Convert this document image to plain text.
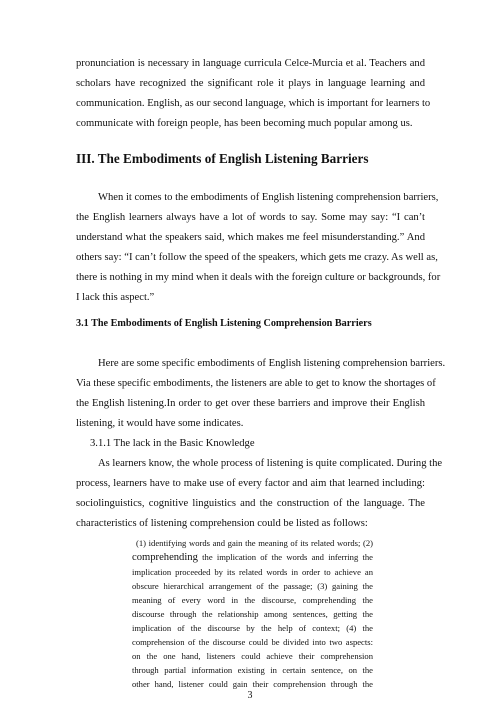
pronunciation is necessary in language curricula Celce-Murcia et al. Teachers and
scholars have recognized the significant role it plays in language learning and
communication. English, as our second language, which is important for learners to
communicate with foreign people, has been becoming much popular among us.
III. The Embodiments of English Listening Barriers
When it comes to the embodiments of English listening comprehension barriers,
the English learners always have a lot of words to say. Some may say: “I can’t
understand what the speakers said, which makes me feel misunderstanding.” And
others say: “I can’t follow the speed of the speakers, which gets me crazy. As well as,
there is nothing in my mind when it deals with the foreign culture or backgrounds, for
I lack this aspect.”
3.1 The Embodiments of English Listening Comprehension Barriers
Here are some specific embodiments of English listening comprehension barriers.
Via these specific embodiments, the listeners are able to get to know the shortages of
the English listening.In order to get over these barriers and improve their English
listening, it would have some indicates.
3.1.1 The lack in the Basic Knowledge
As learners know, the whole process of listening is quite complicated. During the
process, learners have to make use of every factor and aim that learned including:
sociolinguistics, cognitive linguistics and the construction of the language. The
characteristics of listening comprehension could be listed as follows:
(1) identifying words and gain the meaning of its related words; (2)
comprehending the implication of the words and inferring the
implication proceeded by its related words in order to achieve an
obscure hierarchical arrangement of the passage; (3) gaining the
meaning of every word in the discourse, comprehending the
discourse through the relationship among sentences, getting the
implication of the discourse by the help of context; (4) the
comprehension of the discourse could be divided into two aspects:
on the one hand, listeners could achieve their comprehension
through partial information existing in certain sentence, on the
other hand, listener could gain their comprehension through the
3
